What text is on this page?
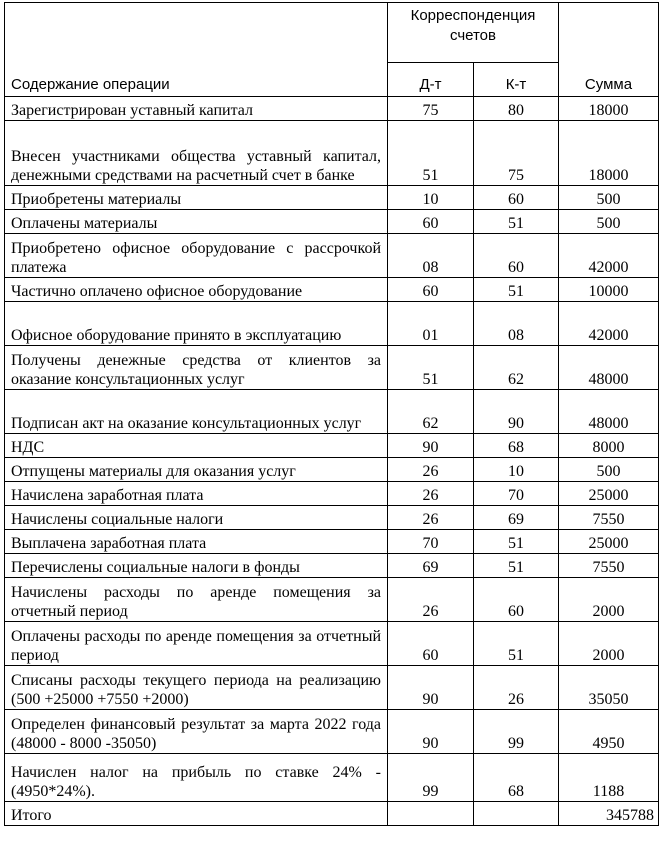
Содержание операции	Корреспонденция счетов		Сумма
	Д-т	К-т	
Зарегистрирован уставный капитал	75	80	18000
Внесен участниками общества уставный капитал, денежными средствами на расчетный счет в банке	51	75	18000
Приобретены материалы	10	60	500
Оплачены материалы	60	51	500
Приобретено офисное оборудование с рассрочкой платежа	08	60	42000
Частично оплачено офисное оборудование	60	51	10000
Офисное оборудование принято в эксплуатацию	01	08	42000
Получены денежные средства от клиентов за оказание консультационных услуг	51	62	48000
Подписан акт на оказание консультационных услуг	62	90	48000
НДС	90	68	8000
Отпущены материалы для оказания услуг	26	10	500
Начислена заработная плата	26	70	25000
Начислены социальные налоги	26	69	7550
Выплачена заработная плата	70	51	25000
Перечислены социальные налоги в фонды	69	51	7550
Начислены расходы по аренде помещения за отчетный период	26	60	2000
Оплачены расходы по аренде помещения за отчетный период	60	51	2000
Списаны расходы текущего периода на реализацию (500 +25000 +7550 +2000)	90	26	35050
Определен финансовый результат за марта 2022 года (48000 - 8000 -35050)	90	99	4950
Начислен налог на прибыль по ставке 24% - (4950*24%).	99	68	1188
Итого			345788
